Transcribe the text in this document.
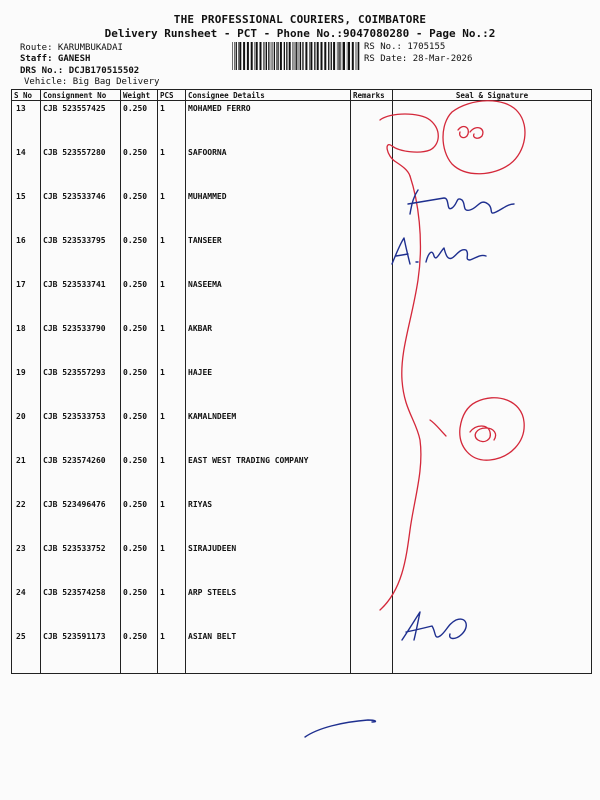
THE PROFESSIONAL COURIERS, COIMBATORE
Delivery Runsheet - PCT - Phone No.:9047080280 - Page No.:2
Route: KARUMBUKADAI
Staff: GANESH
DRS No.: DCJB170515502
Vehicle: Big Bag Delivery
RS No.: 1705155
RS Date: 28-Mar-2026
S No	Consignment No	Weight	PCS	Consignee Details	Remarks	Seal & Signature
13	CJB 523557425	0.250	1	MOHAMED FERRO		
14	CJB 523557280	0.250	1	SAFOORNA		
15	CJB 523533746	0.250	1	MUHAMMED		
16	CJB 523533795	0.250	1	TANSEER		
17	CJB 523533741	0.250	1	NASEEMA		
18	CJB 523533790	0.250	1	AKBAR		
19	CJB 523557293	0.250	1	HAJEE		
20	CJB 523533753	0.250	1	KAMALNDEEM		
21	CJB 523574260	0.250	1	EAST WEST TRADING COMPANY		
22	CJB 523496476	0.250	1	RIYAS		
23	CJB 523533752	0.250	1	SIRAJUDEEN		
24	CJB 523574258	0.250	1	ARP STEELS		
25	CJB 523591173	0.250	1	ASIAN BELT		
